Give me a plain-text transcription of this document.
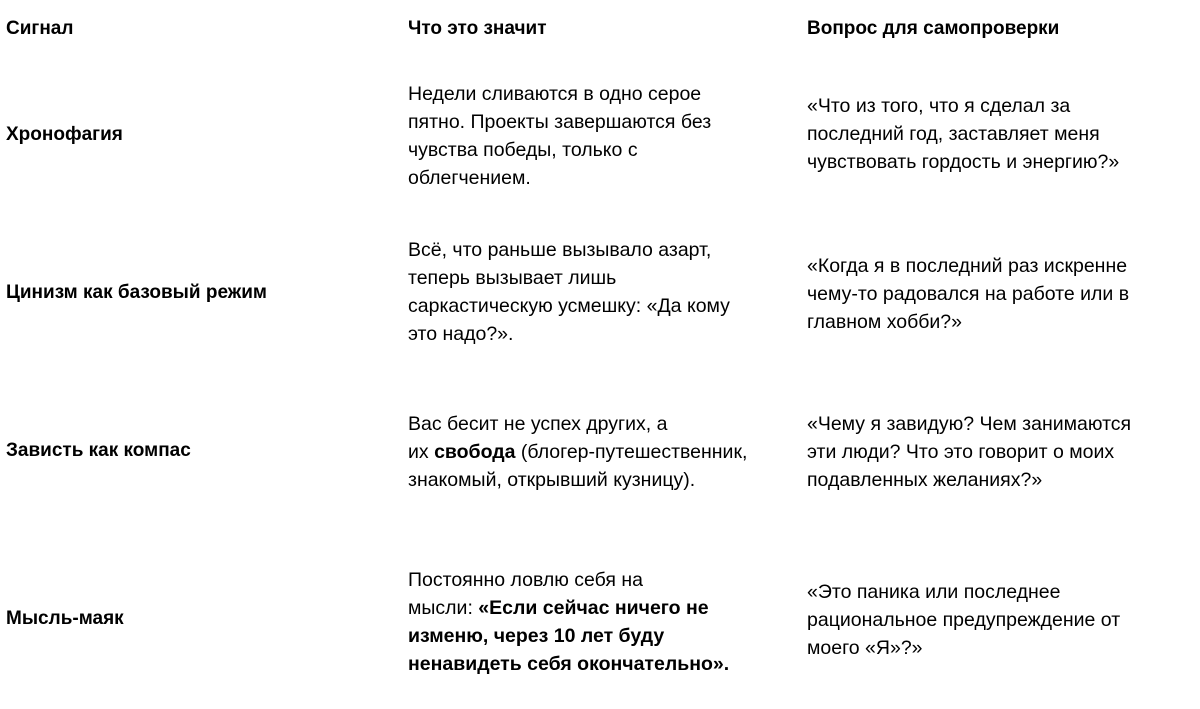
Сигнал	Что это значит	Вопрос для самопроверки
Хронофагия
Недели сливаются в одно серое
пятно. Проекты завершаются без
чувства победы, только с
облегчением.
«Что из того, что я сделал за
последний год, заставляет меня
чувствовать гордость и энергию?»
Цинизм как базовый режим
Всё, что раньше вызывало азарт,
теперь вызывает лишь
саркастическую усмешку: «Да кому
это надо?».
«Когда я в последний раз искренне
чему-то радовался на работе или в
главном хобби?»
Зависть как компас
Вас бесит не успех других, а
их свобода (блогер-путешественник,
знакомый, открывший кузницу).
«Чему я завидую? Чем занимаются
эти люди? Что это говорит о моих
подавленных желаниях?»
Мысль-маяк
Постоянно ловлю себя на
мысли: «Если сейчас ничего не
изменю, через 10 лет буду
ненавидеть себя окончательно».
«Это паника или последнее
рациональное предупреждение от
моего «Я»?»
